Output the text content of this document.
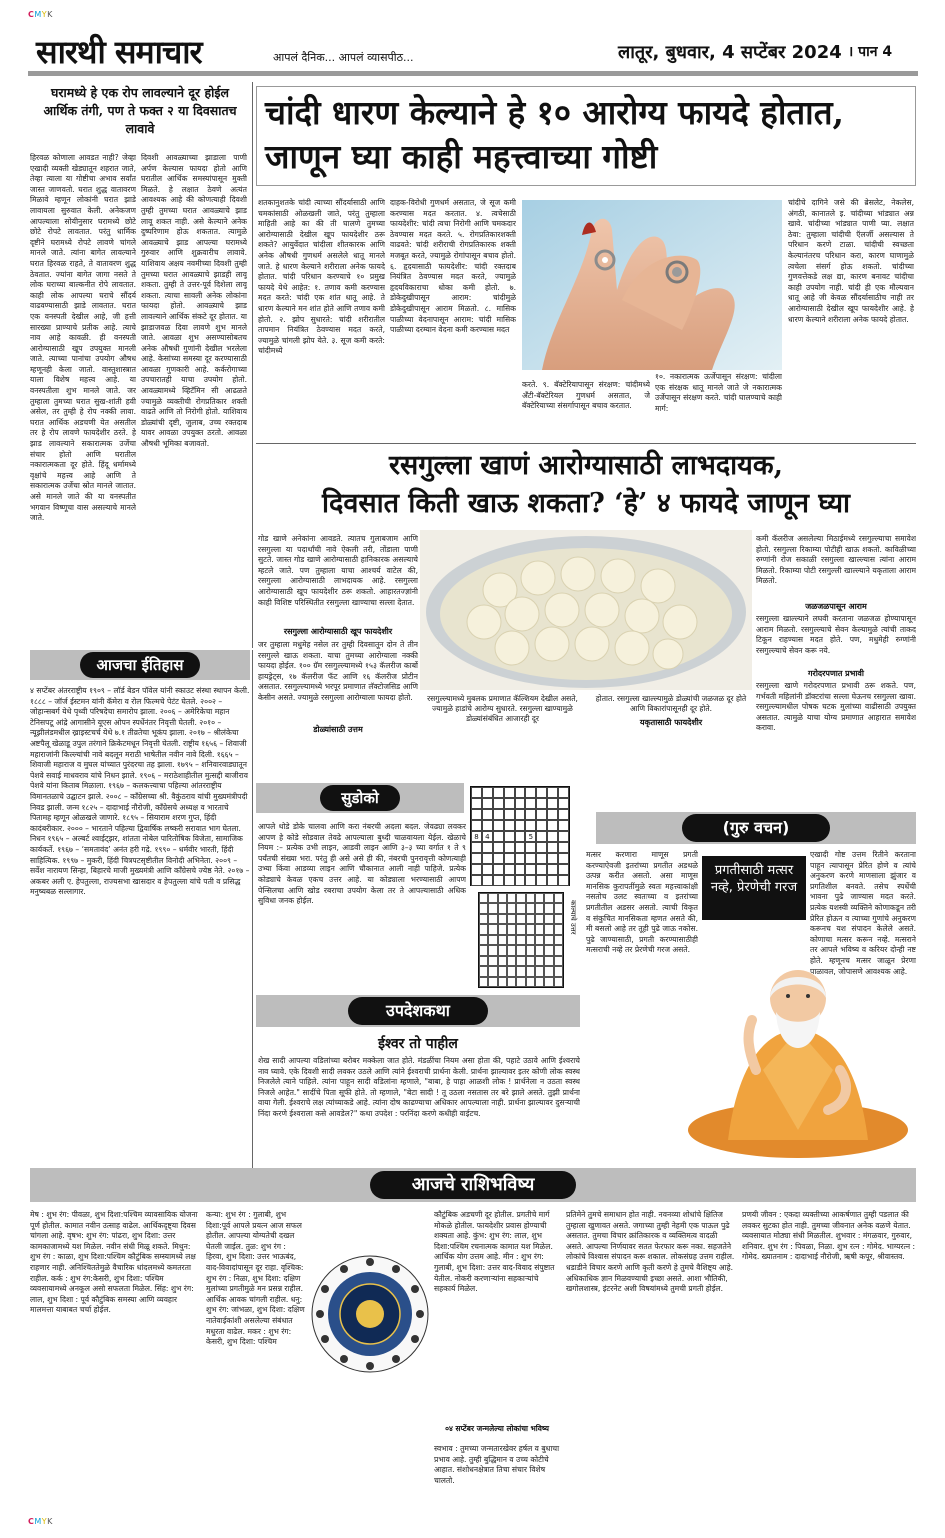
CMYK
CMYK
सारथी समाचार	आपलं दैनिक... आपलं व्यासपीठ...	लातूर, बुधवार, 4 सप्टेंबर 2024 । पान 4
घरामध्ये हे एक रोप लावल्याने दूर होईल आर्थिक तंगी, पण ते फक्त २ या दिवसातच लावावे
हिरवळ कोणाला आवडत नाही? जेव्हा एखादी व्यक्ती खेड्यातून शहरात जाते, तेव्हा त्याला या गोष्टीचा अभाव सर्वांत जास्त जाणवतो. घरात शुद्ध वातावरण मिळावे म्हणून लोकांनी घरात झाडे लावायला सुरुवात केली. अनेकजण आपल्याला सोयीनुसार घरामध्ये छोटे छोटे रोपटे लावतात. परंतु धार्मिक दृष्टीने घरामध्ये रोपटे लावणे चांगले मानले जाते. त्यांना बागेत लावल्याने घरात हिरवळ राहते, ते वातावरण शुद्ध ठेवतात. ज्यांना बागेत जागा नसते ते लोक घराच्या बाल्कनीत रोपे लावतात. काही लोक आपल्या घराचे सौंदर्य वाढवण्यासाठी झाडे लावतात. घरात एक वनस्पती देखील आहे, जी हत्ती सारख्या प्राण्याचे प्रतीक आहे. त्याचे नाव आहे कावळी. ही वनस्पती आरोग्यासाठी खूप उपयुक्त मानली जाते. त्याच्या पानांचा उपयोग औषध म्हणूनही केला जातो. वास्तुशास्त्रात याला विशेष महत्त्व आहे. या वनस्पतीला शुभ मानले जाते. जर तुम्हाला तुमच्या घरात सुख-शांती हवी असेल, तर तुम्ही हे रोप नक्की लावा. घरात आर्थिक अडचणी येत असतील तर हे रोप लावणे फायदेशीर ठरते. हे झाड लावल्याने सकारात्मक उर्जेचा संचार होतो आणि घरातील नकारात्मकता दूर होते. हिंदू धर्मामध्ये वृक्षांचे महत्त्व आहे आणि ते सकारात्मक उर्जेचा स्रोत मानले जातात. असे मानले जाते की या वनस्पतीत भगवान विष्णूचा वास असल्याचे मानले जाते.
दिवशी आवळ्याच्या झाडाला पाणी अर्पण केल्यास फायदा होतो आणि घरातील आर्थिक समस्यांपासून मुक्ती मिळते. हे लक्षात ठेवणे अत्यंत आवश्यक आहे की कोणत्याही दिवशी तुम्ही तुमच्या घरात आवळ्याचे झाड लावू शकत नाही. असे केल्याने अनेक दुष्परिणाम होऊ शकतात. त्यामुळे आवळ्याचे झाड आपल्या घरामध्ये गुरुवार आणि शुक्रवारीच लावावे. याशिवाय अक्षय नवमीच्या दिवशी तुम्ही तुमच्या घरात आवळ्याचे झाडही लावू शकता. तुम्ही ते उत्तर-पूर्व दिशेला लावू शकता. त्याचा सावली अनेक लोकांना फायदा होतो. आवळ्याचे झाड लावल्याने आर्थिक संकटे दूर होतात. या झाडाजवळ दिवा लावणे शुभ मानले जाते. आवळा शुभ असण्यासोबतच अनेक औषधी गुणांनी देखील भरलेला आहे. केसांच्या समस्या दूर करण्यासाठी आवळा गुणकारी आहे. कर्करोगाच्या उपचारातही याचा उपयोग होतो. आवळ्यामध्ये व्हिटॅमिन सी आढळते ज्यामुळे व्यक्तीची रोगप्रतिकार शक्ती वाढते आणि तो निरोगी होतो. याशिवाय डोळ्यांची दृष्टी, जुलाब, उच्च रक्तदाब यावर आवळा उपयुक्त ठरतो. आवळा औषधी भूमिका बजावतो.
चांदी धारण केल्याने हे १० आरोग्य फायदे होतात, जाणून घ्या काही महत्त्वाच्या गोष्टी
शतकानुशतके चांदी त्याच्या सौंदर्यासाठी आणि चमकांसाठी ओळखली जाते, परंतु तुम्हाला माहिती आहे का की ती घालणे तुमच्या आरोग्यासाठी देखील खूप फायदेशीर ठरू शकते? आयुर्वेदात चांदीला शीतकारक आणि अनेक औषधी गुणधर्म असलेले धातू मानले जाते. हे धारण केल्याने शरीराला अनेक फायदे होतात. चांदी परिधान करण्याचे १० प्रमुख फायदे येथे आहेत: १. तणाव कमी करण्यास मदत करते: चांदी एक शांत धातू आहे. ते धारण केल्याने मन शांत होते आणि तणाव कमी होतो. २. झोप सुधारते: चांदी शरीरातील तापमान नियंत्रित ठेवण्यास मदत करते, ज्यामुळे चांगली झोप येते. ३. सूज कमी करते: चांदीमध्ये
दाहक-विरोधी गुणधर्म असतात, जे सूज कमी करण्यास मदत करतात. ४. त्वचेसाठी फायदेशीर: चांदी त्वचा निरोगी आणि चमकदार ठेवण्यास मदत करते. ५. रोगप्रतिकारशक्ती वाढवते: चांदी शरीराची रोगप्रतिकारक शक्ती मजबूत करते, ज्यामुळे रोगांपासून बचाव होतो. ६. हृदयासाठी फायदेशीर: चांदी रक्तदाब नियंत्रित ठेवण्यास मदत करते, ज्यामुळे हृदयविकाराचा धोका कमी होतो. ७. डोकेदुखीपासून आराम: चांदीमुळे डोकेदुखीपासून आराम मिळतो. ८. मासिक पाळीच्या वेदनापासून आराम: चांदी मासिक पाळीच्या दरम्यान वेदना कमी करण्यास मदत
करते. ९. बॅक्टेरियापासून संरक्षण: चांदीमध्ये अँटी-बॅक्टेरियल गुणधर्म असतात, जे बॅक्टेरियाच्या संसर्गापासून बचाव करतात.
१०. नकारात्मक ऊर्जेपासून संरक्षण: चांदीला एक संरक्षक धातू मानले जाते जे नकारात्मक उर्जेपासून संरक्षण करते. चांदी घालण्याचे काही मार्ग:
चांदीचे दागिने जसे की ब्रेसलेट, नेकलेस, अंगठी, कानातले इ. चांदीच्या भांड्यात अन्न खावे. चांदीच्या भांड्यात पाणी प्या. लक्षात ठेवा: तुम्हाला चांदीची ऍलर्जी असल्यास ते परिधान करणे टाळा. चांदीची स्वच्छता केल्यानंतरच परिधान करा, कारण घाणामुळे त्वचेला संसर्ग होऊ शकतो. चांदीच्या गुणवत्तेकडे लक्ष द्या, कारण बनावट चांदीचा काही उपयोग नाही. चांदी ही एक मौल्यवान धातू आहे जी केवळ सौंदर्यासाठीच नाही तर आरोग्यासाठी देखील खूप फायदेशीर आहे. हे धारण केल्याने शरीराला अनेक फायदे होतात.
रसगुल्ला खाणं आरोग्यासाठी लाभदायक,
दिवसात किती खाऊ शकता? ‘हे’ ४ फायदे जाणून घ्या
गोड खाणे अनेकांना आवडते. त्यातच गुलाबजाम आणि रसगुल्ला या पदार्थांची नावे ऐकली तरी, तोंडाला पाणी सुटते. जास्त गोड खाणे आरोग्यासाठी हानिकारक असल्याचे म्हटले जाते. पण तुम्हाला याचा आश्चर्य वाटेल की, रसगुल्ला आरोग्यासाठी लाभदायक आहे. रसगुल्ला आरोग्यासाठी खूप फायदेशीर ठरू शकतो. आहारतज्ज्ञांनी काही विशिष्ट परिस्थितीत रसगुल्ला खाण्याचा सल्ला देतात.
रसगुल्ला आरोग्यासाठी खूप फायदेशीर
जर तुम्हाला मधुमेह नसेल तर तुम्ही दिवसातून दोन ते तीन रसगुल्ले खाऊ शकता. याचा तुमच्या आरोग्याला नक्की फायदा होईल. १०० ग्रॅम रसगुल्ल्यामध्ये १५३ कॅलरीज कार्बो हायड्रेट्स, १७ कॅलरीज फॅट आणि १६ कॅलरीज प्रोटीन असतात. रसगुल्ल्यामध्ये भरपूर प्रमाणात लॅक्टोजसिड आणि केसीन असते. ज्यामुळे रसगुल्ला आरोग्याला फायदा होतो.
डोळ्यांसाठी उत्तम
रसगुल्ल्यामध्ये मुबलक प्रमाणात कॅल्शियम देखील असते, ज्यामुळे हाडांचे आरोग्य सुधारते. रसगुल्ला खाण्यामुळे डोळ्यांसंबंधित आजारही दूर
होतात. रसगुल्ला खाल्ल्यामुळे डोळ्यांची जळजळ दूर होते आणि विकारांपासूनही दूर होते.
यकृतासाठी फायदेशीर
कमी कॅलरीज असलेल्या मिठाईमध्ये रसगुल्ल्याचा समावेश होतो. रसगुल्ला रिकाम्या पोटीही खाऊ शकतो. काविळीच्या रुग्णांनी रोज सकाळी रसगुल्ला खाल्ल्यास त्यांना आराम मिळतो. रिकाम्या पोटी रसगुल्ली खाल्ल्याने यकृताला आराम मिळतो.
जळजळपासून आराम
रसगुल्ला खाल्ल्याने लघवी करताना जळजळ होण्यापासून आराम मिळतो. रसगुल्ल्याचे सेवन केल्यामुळे त्यांची ताकद टिकून राहण्यास मदत होते. पण, मधुमेही रुग्णांनी रसगुल्ल्याचे सेवन करू नये.
गरोदरपणात प्रभावी
रसगुल्ला खाणे गरोदरपणात प्रभावी ठरू शकते. पण, गर्भवती महिलांनी डॉक्टरांचा सल्ला घेऊनच रसगुल्ला खावा. रसगुल्ल्यामधील पोषक घटक मुलांच्या वाढीसाठी उपयुक्त असतात. त्यामुळे याचा योग्य प्रमाणात आहारात समावेश करावा.
आजचा ईतिहास
४ सप्टेंबर अंतरराष्ट्रीय १९०९ – लॉर्ड बेडन पॉवेल यांनी स्काउट संस्था स्थापन केली. १८८८ – जॉर्ज ईस्टमन यांनी कॅमेरा व रोल फिल्मचे पेटंट घेतले. २००२ – जोहान्सबर्ग येथे पृथ्वी परिषदेचा समारोप झाला. २००६ – अमेरिकेचा महान टेनिसपटू आंद्रे आगासीने यूएस ओपन स्पर्धेनंतर निवृत्ती घेतली. २०१० – न्यूझीलंडमधील ख्राइस्टचर्च येथे ७.१ तीव्रतेचा भूकंप झाला. २०१७ – श्रीलंकेचा अष्टपैलू खेळाडू उपुल तरंगाने क्रिकेटमधून निवृत्ती घेतली. राष्ट्रीय १६५६ – शिवाजी महाराजांनी किल्ल्यांची नावे बदलून मराठी भाषेतील नवीन नावे दिली. १६६५ – शिवाजी महाराज व मुघल यांच्यात पुरंदरचा तह झाला. १७९५ – शनिवारवाड्यातून पेशवे सवाई माधवराव यांचे निधन झाले. १९०६ – मराठेशाहीतील मुत्सद्दी बाजीराव पेशवे यांना किताब मिळाला. १९६७ – कलकत्त्याचा पहिल्या आंतरराष्ट्रीय विमानतळाचे उद्घाटन झाले. २००८ – कॉंग्रेसच्या श्री. वैकुंठराव यांची मुख्यमंत्रीपदी निवड झाली. जन्म १८२५ – दादाभाई नौरोजी, काँग्रेसचे अध्यक्ष व भारताचे पितामह म्हणून ओळखले जाणारे. १८९५ – सियाराम शरण गुप्त, हिंदी कादंबरीकार. २००० – भारताने पहिल्या द्विवार्षिक लष्करी सरावात भाग घेतला. निधन १९६५ – अल्बर्ट श्वाईट्झर, शांतता नोबेल पारितोषिक विजेता, सामाजिक कार्यकर्ते. १९६७ – ‘समतावंद’ अनंत हरी गद्रे. १९९० – धर्मवीर भारती, हिंदी साहित्यिक. १९९७ – मुकरी, हिंदी चित्रपटसृष्टीतील विनोदी अभिनेता. २००९ – सर्वेश नारायण सिन्हा, बिहारचे माजी मुख्यमंत्री आणि काँग्रेसचे ज्येष्ठ नेते. २०१७ – अकबर अली ए. हेपतुल्ला, राज्यसभा खासदार व हेपतुल्ला यांचे पती व प्रसिद्ध मनुष्यबळ सल्लागार.
सुडोको
आपले थोडे डोके चालवा आणि करा नंबरची अदला बदल. जेवढ्या लवकर आपण हे कोडे सोडवाल तेवढे आपल्याला बुध्दी चाळवायला येईल. खेळाचे नियम :– प्रत्येक उभी लाइन, आडवी लाइन आणि ३–३ च्या वर्गात १ ते ९ पर्यंतची संख्या भरा. परंतु ही असे असे ही की, नंबरची पुनरावृत्ती कोणत्याही उभ्या किंवा आडव्या लाइन आणि चौकानात आली नाही पाहिजे. प्रत्येक कोड्याचे केवळ एकच उत्तर आहे. या कोड्याला भरण्यासाठी आपण पेन्सिलचा आणि खोड रबराचा उपयोग केला तर ते आपल्यासाठी अधिक सुविधा जनक होईल.
8 4	5
काल्याचे उत्तर
(गुरु वचन)
प्रगतीसाठी मत्सर नव्हे, प्रेरणेची गरज
मत्सर करणारा माणूस प्रगती करण्याऐवजी इतरांच्या प्रगतीत अडथळे उत्पन्न करीत असतो. असा माणूस मानसिक कुरापतींमुळे स्वतः महत्त्वाकांक्षी नसतोच उलट स्वतःच्या व इतरांच्या प्रगतीतील अडसर असतो. त्याची विकृत व संकुचित मानसिकता म्हणत असते की, मी बसलो आहे तर तूही पुढे जाऊ नकोस. पुढे जाण्यासाठी, प्रगती करण्यासाठीही मत्सराची नव्हे तर प्रेरणेची गरज असते.
एखादी गोष्ट उत्तम रितीने करताना पाहून त्यापासून प्रेरित होणे व त्यांचे अनुकरण करणे माणसाला झुंजार व प्रगतिशील बनवते. तसेच स्पर्धेची भावना पुढे जाण्यास मदत करते. प्रत्येक यशस्वी व्यक्तिने कोणाकडून तरी प्रेरित होऊन व त्याच्या गुणांचे अनुकरण करूनच यश संपादन केलेले असते. कोणाचा मत्सर करून नव्हे. मत्सराने तर आपले भविष्य व करियर दोन्ही नष्ट होते. म्हणूनच मत्सर जाळून प्रेरणा पाळावल, जोपासणे आवश्यक आहे.
उपदेशकथा
ईश्वर तो पाहील
शेख सादी आपल्या वडिलांच्या बरोबर मक्केला जात होते. मंडळींचा नियम असा होता की, पहाटे उठावे आणि ईश्वराचे नाव घ्यावे. एके दिवशी सादी लवकर उठले आणि त्यांने ईश्वराची प्रार्थना केली. प्रार्थना झाल्यावर इतर कोणी लोक स्वस्थ निजलेले त्याने पाहिले. त्यांना पाहून सादी वडिलांना म्हणाले, "बाबा, हे पाहा आळशी लोक ! प्रार्थनेला न उठता स्वस्थ निजले आहेत." सादींचे पिता सूफी होते. तो म्हणाले, "बेटा सादी ! तू उठला नसतास तर बरे झाले असते. तुझी प्रार्थना वाया गेली. ईश्वराचे लक्ष त्यांच्याकडे आहे. त्यांना दोष काढण्याचा अधिकार आपल्याला नाही. प्रार्थना झाल्यावर दुसऱ्याची निंदा करणे ईश्वराला कसे आवडेल?" कथा उपदेश : परनिंदा करणे कधीही वाईटच.
आजचे राशिभविष्य
मेष : शुभ रंग: पीवळा, शुभ दिशा:पश्चिम व्यावसायिक योजना पूर्ण होतील. कामात नवीन उत्साह वाढेल. आर्थिकदृष्ट्या दिवस चांगला आहे. वृषभ: शुभ रंग: पांढरा, शुभ दिशा: उत्तर कामकाजामध्ये यश मिळेल. नवीन संधी मिळू शकते. मिथुन: शुभ रंग : काळा, शुभ दिशा:पश्चिम कौटुंबिक सम्स्यामध्ये लक्ष राहणार नाही. अनिश्चिततेमुळे वैचारिक धांदलमध्ये कमतरता राहील. कर्क : शुभ रंग:केसरी, शुभ दिशा: पश्चिम व्यवसायामध्ये अनकूल असो सफलता मिळेल. सिंह: शुभ रंग: लाल, शुभ दिशा : पूर्व कौटुंबिक समस्या आणि व्यवहार मालमत्ता याबाबत चर्चा होईल.
कन्या: शुभ रंग : गुलाबी, शुभ दिशा:पूर्व आपले प्रयत्न आज सफल होतील. आपल्या योग्यतेची दखल घेतली जाईल. तुळ: शुभ रंग : हिरवा, शुभ दिशा: उत्तर भाऊबंद, वाद-विवादांपासून दूर राहा. वृश्चिक: शुभ रंग : निळा, शुभ दिशा: दक्षिण मुलांच्या प्रगतीमुळे मन प्रसन्न राहील. आर्थिक आवक चांगली राहील. धनु: शुभ रंग: जांभळा, शुभ दिशा: दक्षिण नातेवाईकांशी असलेल्या संबंधात मधुरता वाढेल. मकर : शुभ रंग: केसरी, शुभ दिशा: पश्चिम
कौटुंबिक अडचणी दूर होतील. प्रगतीचे मार्ग मोकळे होतील. फायदेशीर प्रवास होण्याची शक्यता आहे. कुंभ: शुभ रंग: लाल, शुभ दिशा:पश्चिम रचनात्मक कामात यश मिळेल. आर्थिक योग उत्तम आहे. मीन : शुभ रंग: गुलाबी, शुभ दिशा: उत्तर वाद-विवाद संपुष्टात येतील. नोकरी करणाऱ्यांना सहकाऱ्यांचे सहकार्य मिळेल.
०४ सप्टेंबर जन्मलेल्या लोकांचा भविष्य
स्वभाव : तुमच्या जन्मतारखेवर हर्षल व बुधाचा प्रभाव आहे. तुम्ही बुद्धिमान व उच्च कोटीचे आहात. संशोधनक्षेत्रात तिचा संचार विशेष चालतो.
प्रतिमेने तुमचे समाधान होत नाही. नवनव्या शोधांचे क्षितिज तुम्हाला खुणावत असते. जगाच्या तुम्ही नेहमी एक पाऊल पुढे असतात. तुमचा विचार क्रांतिकारक व व्यक्तिमत्व वादळी असते. आपल्या निर्णयावर सतत फेरफार करू नका. सहजतेने लोकांचे विश्वास संपादन करू शकाल. लोकसंग्रह उत्तम राहील. धडाडीने विचार करणे आणि कृती करणे हे तुमचे वैशिष्ट्य आहे. अधिकाधिक ज्ञान मिळवण्याची इच्छा असते. आशा भौतिकी, खगोलशास्त्र, इंटरनेट अशी विषयांमध्ये तुमची प्रगती होईल.
प्रणयी जीवन : एकदा व्यक्तीच्या आकर्षणात तुम्ही पडलात की लवकर सुटका होत नाही. तुमच्या जीवनात अनेक वळणे येतात. व्यवसायात मोठ्या संधी मिळतील. शुभवार : मंगळवार, गुरुवार, शनिवार. शुभ रंग : पिवळा, निळा. शुभ रत्न : गोमेद. भाग्यरत्न : गोमेद. ख्यातनाम : दादाभाई नौरोजी, ऋषी कपूर, श्रीवास्तव.
